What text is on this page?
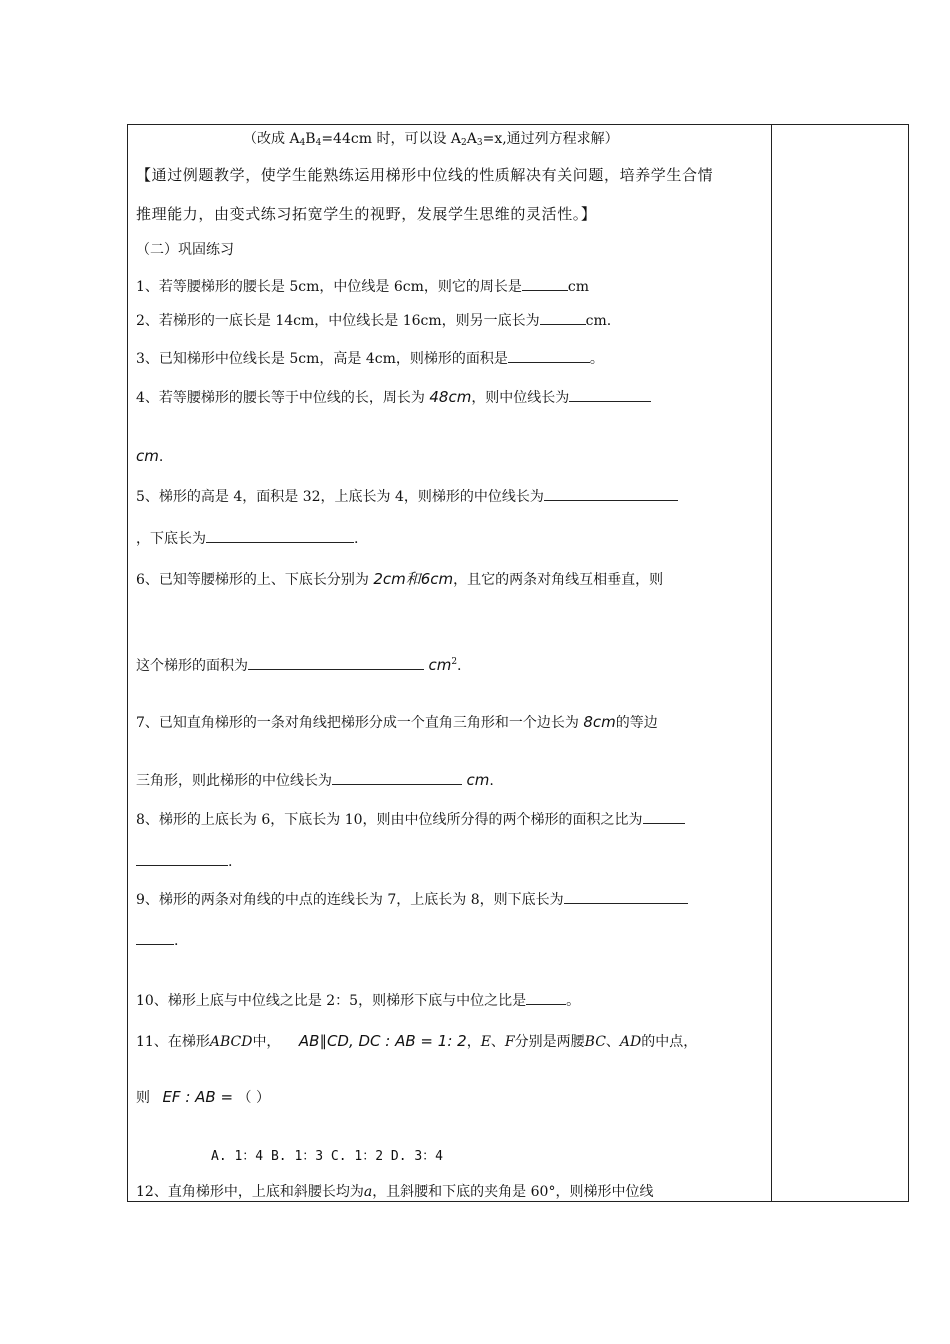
（改成 $A_4B_4=44cm$ 时，可以设 $A_2A_3=x$,通过列方程求解）
【通过例题教学，使学生能熟练运用梯形中位线的性质解决有关问题，培养学生合情
推理能力，由变式练习拓宽学生的视野，发展学生思维的灵活性。】
（二）巩固练习
1、若等腰梯形的腰长是 5cm，中位线是 6cm，则它的周长是	cm
2、若梯形的一底长是 14cm，中位线长是 16cm，则另一底长为	cm.
3、已知梯形中位线长是 5cm，高是 4cm，则梯形的面积是	。
4、若等腰梯形的腰长等于中位线的长，周长为 48cm，则中位线长为
cm.
5、梯形的高是 4，面积是 32，上底长为 4，则梯形的中位线长为
，下底长为	.
6、已知等腰梯形的上、下底长分别为 2cm和6cm，且它的两条对角线互相垂直，则
这个梯形的面积为	$cm^2$.
7、已知直角梯形的一条对角线把梯形分成一个直角三角形和一个边长为 8cm的等边
三角形，则此梯形的中位线长为	cm.
8、梯形的上底长为 6，下底长为 10，则由中位线所分得的两个梯形的面积之比为
.
9、梯形的两条对角线的中点的连线长为 7，上底长为 8，则下底长为
.
10、梯形上底与中位线之比是 2：5，则梯形下底与中位之比是	。
11、在梯形ABCD中， AB∥CD, DC : AB = 1: 2，E、F分别是两腰BC、AD的中点，
则 EF : AB = （ ）
A. 1：4 B. 1：3 C. 1：2 D. 3：4
12、直角梯形中，上底和斜腰长均为a，且斜腰和下底的夹角是 60°，则梯形中位线
